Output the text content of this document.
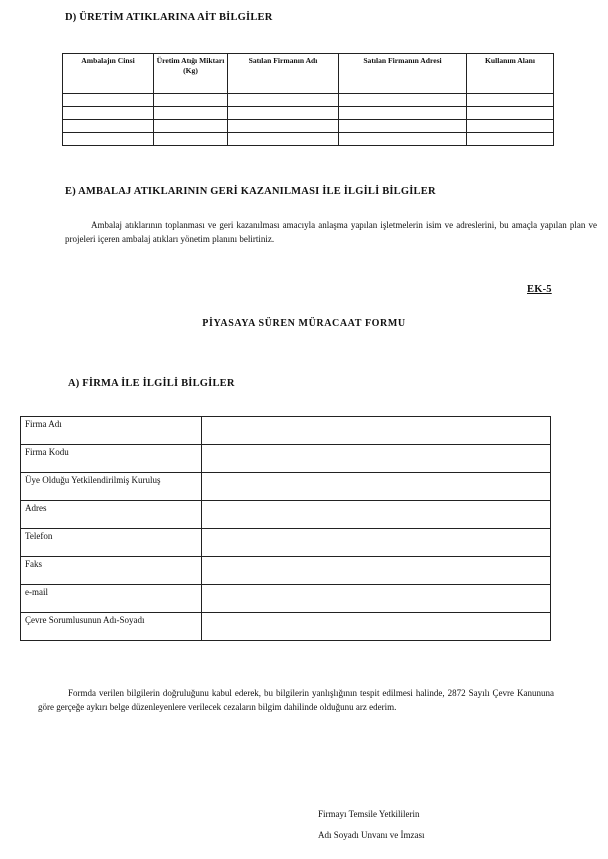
D) ÜRETİM ATIKLARINA AİT BİLGİLER
Ambalajın Cinsi	Üretim Atığı Miktarı (Kg)	Satılan Firmanın Adı	Satılan Firmanın Adresi	Kullanım Alanı

E) AMBALAJ ATIKLARININ GERİ KAZANILMASI İLE İLGİLİ BİLGİLER
Ambalaj atıklarının toplanması ve geri kazanılması amacıyla anlaşma yapılan işletmelerin isim ve adreslerini, bu amaçla yapılan plan ve projeleri içeren ambalaj atıkları yönetim planını belirtiniz.
EK-5
PİYASAYA SÜREN MÜRACAAT FORMU
A) FİRMA İLE İLGİLİ BİLGİLER
Firma Adı	
Firma Kodu	
Üye Olduğu Yetkilendirilmiş Kuruluş	
Adres	
Telefon	
Faks	
e-mail	
Çevre Sorumlusunun Adı-Soyadı	
Formda verilen bilgilerin doğruluğunu kabul ederek, bu bilgilerin yanlışlığının tespit edilmesi halinde, 2872 Sayılı Çevre Kanununa göre gerçeğe aykırı belge düzenleyenlere verilecek cezaların bilgim dahilinde olduğunu arz ederim.
Firmayı Temsile Yetkililerin
Adı Soyadı Unvanı ve İmzası
